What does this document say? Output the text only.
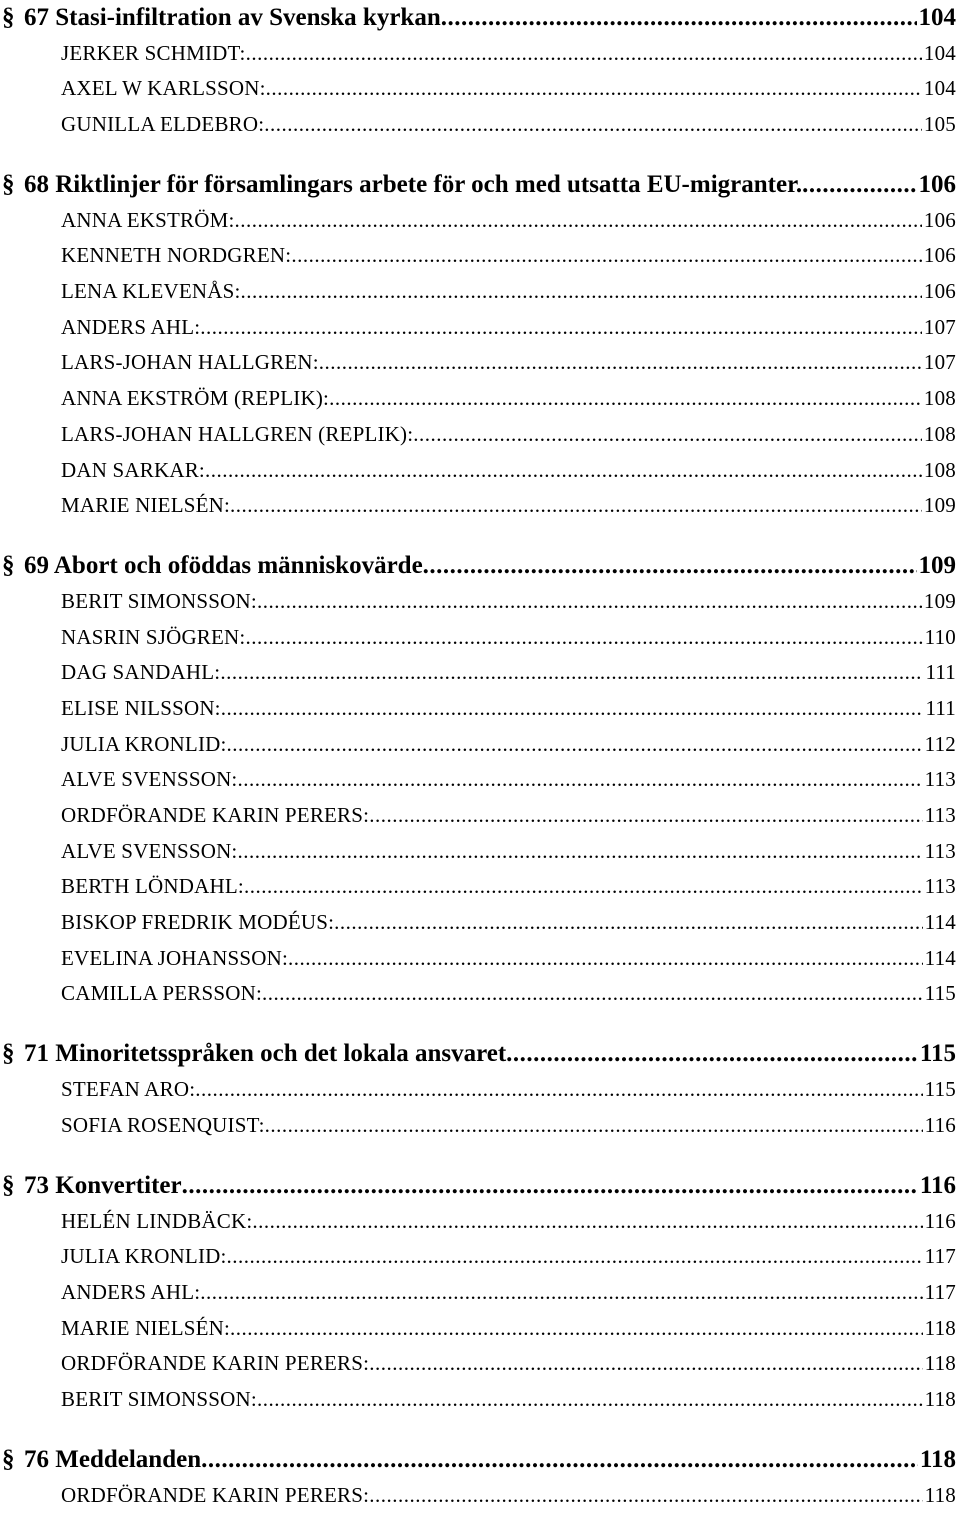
§ 67 Stasi-infiltration av Svenska kyrkan .....	104
JERKER SCHMIDT: .....	104
AXEL W KARLSSON: .....	104
GUNILLA ELDEBRO: .....	105
§ 68 Riktlinjer för församlingars arbete för och med utsatta EU-migranter. .....	106
ANNA EKSTRÖM: .....	106
KENNETH NORDGREN: .....	106
LENA KLEVENÅS: .....	106
ANDERS AHL: .....	107
LARS-JOHAN HALLGREN: .....	107
ANNA EKSTRÖM (REPLIK): .....	108
LARS-JOHAN HALLGREN (REPLIK): .....	108
DAN SARKAR: .....	108
MARIE NIELSÉN: .....	109
§ 69 Abort och oföddas människovärde .....	109
BERIT SIMONSSON: .....	109
NASRIN SJÖGREN: .....	110
DAG SANDAHL: .....	111
ELISE NILSSON: .....	111
JULIA KRONLID: .....	112
ALVE SVENSSON: .....	113
ORDFÖRANDE KARIN PERERS: .....	113
ALVE SVENSSON: .....	113
BERTH LÖNDAHL: .....	113
BISKOP FREDRIK MODÉUS: .....	114
EVELINA JOHANSSON: .....	114
CAMILLA PERSSON: .....	115
§ 71 Minoritetsspråken och det lokala ansvaret .....	115
STEFAN ARO: .....	115
SOFIA ROSENQUIST: .....	116
§ 73 Konvertiter .....	116
HELÉN LINDBÄCK: .....	116
JULIA KRONLID: .....	117
ANDERS AHL: .....	117
MARIE NIELSÉN: .....	118
ORDFÖRANDE KARIN PERERS: .....	118
BERIT SIMONSSON: .....	118
§ 76 Meddelanden .....	118
ORDFÖRANDE KARIN PERERS: .....	118
